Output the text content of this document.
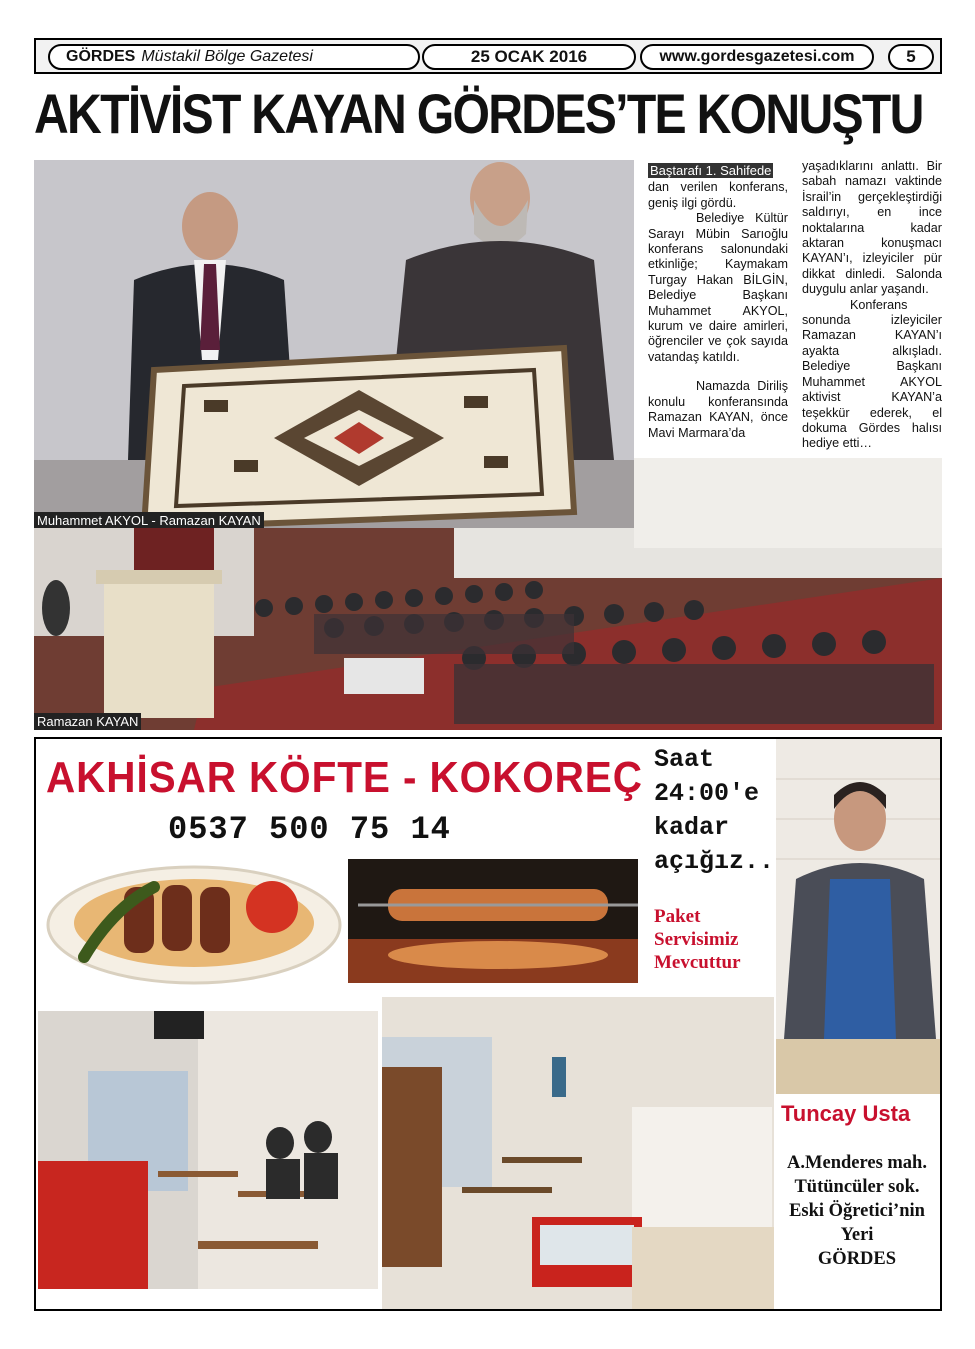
GÖRDES Müstakil Bölge Gazetesi	25 OCAK 2016	www.gordesgazetesi.com	5
AKTİVİST KAYAN GÖRDES’TE KONUŞTU
Ramazan KAYAN
Muhammet AKYOL - Ramazan KAYAN
Baştarafı 1. Sahifede

dan verilen konferans, geniş ilgi gördü.

Belediye Kültür Sarayı Mübin Sarıoğlu konferans salonundaki etkinliğe; Kaymakam Turgay Hakan BİLGİN, Belediye Başkanı Muhammet AKYOL, kurum ve daire amirleri, öğrenciler ve çok sayıda vatandaş katıldı.

Namazda Diriliş konulu konferansında Ramazan KAYAN, önce Mavi Marmara’da

yaşadıklarını anlattı. Bir sabah namazı vaktinde İsrail’in gerçekleştirdiği saldırıyı, en ince noktalarına kadar aktaran konuşmacı KAYAN’ı, izleyiciler pür dikkat dinledi. Salonda duygulu anlar yaşandı.

Konferans sonunda izleyiciler Ramazan KAYAN’ı ayakta alkışladı. Belediye Başkanı Muhammet AKYOL aktivist KAYAN’a teşekkür ederek, el dokuma Gördes halısı hediye etti…

AKHİSAR KÖFTE - KOKOREÇ
0537 500 75 14
Saat 24:00'e kadar açığız..
Paket
Servisimiz
Mevcuttur
Tuncay Usta
A.Menderes mah.
Tütüncüler sok.
Eski Öğretici’nin
Yeri
GÖRDES
